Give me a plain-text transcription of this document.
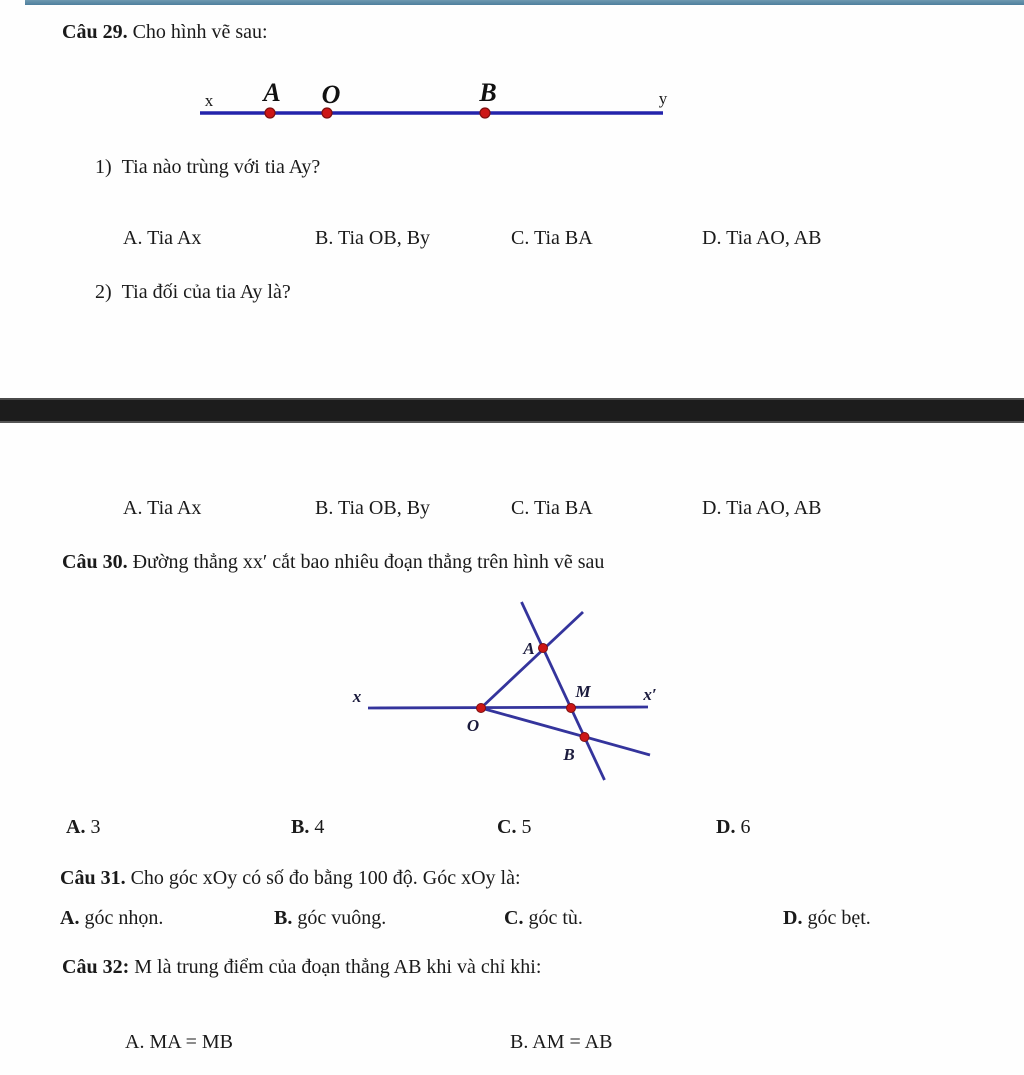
Câu 29. Cho hình vẽ sau:
x A O	B	y
1) Tia nào trùng với tia Ay?
A. Tia Ax	B. Tia OB, By	C. Tia BA	D. Tia AO, AB
2) Tia đối của tia Ay là?
A. Tia Ax	B. Tia OB, By	C. Tia BA	D. Tia AO, AB
Câu 30. Đường thẳng xx′ cắt bao nhiêu đoạn thẳng trên hình vẽ sau
x	x′
O
A
M
B
A. 3	B. 4	C. 5	D. 6
Câu 31. Cho góc xOy có số đo bằng 100 độ. Góc xOy là:
A. góc nhọn.	B. góc vuông.	C. góc tù.	D. góc bẹt.
Câu 32: M là trung điểm của đoạn thẳng AB khi và chỉ khi:
A. MA = MB	B. AM = AB
